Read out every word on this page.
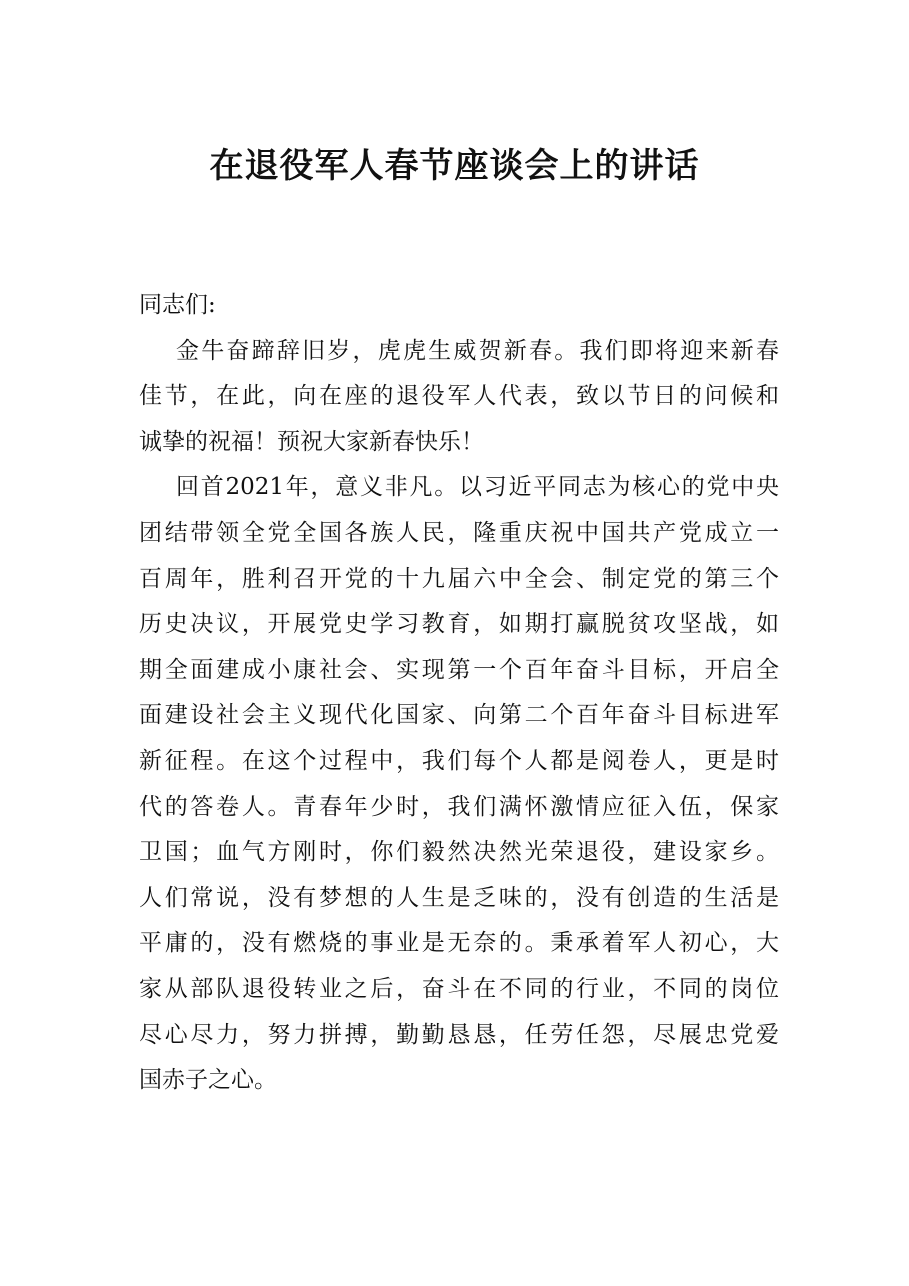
在退役军人春节座谈会上的讲话
同志们:
金牛奋蹄辞旧岁，虎虎生威贺新春。我们即将迎来新春
佳节，在此，向在座的退役军人代表，致以节日的问候和
诚挚的祝福！预祝大家新春快乐！
回首2021年，意义非凡。以习近平同志为核心的党中央
团结带领全党全国各族人民，隆重庆祝中国共产党成立一
百周年，胜利召开党的十九届六中全会、制定党的第三个
历史决议，开展党史学习教育，如期打赢脱贫攻坚战，如
期全面建成小康社会、实现第一个百年奋斗目标，开启全
面建设社会主义现代化国家、向第二个百年奋斗目标进军
新征程。在这个过程中，我们每个人都是阅卷人，更是时
代的答卷人。青春年少时，我们满怀激情应征入伍，保家
卫国；血气方刚时，你们毅然决然光荣退役，建设家乡。
人们常说，没有梦想的人生是乏味的，没有创造的生活是
平庸的，没有燃烧的事业是无奈的。秉承着军人初心，大
家从部队退役转业之后，奋斗在不同的行业，不同的岗位
尽心尽力，努力拼搏，勤勤恳恳，任劳任怨，尽展忠党爱
国赤子之心。
